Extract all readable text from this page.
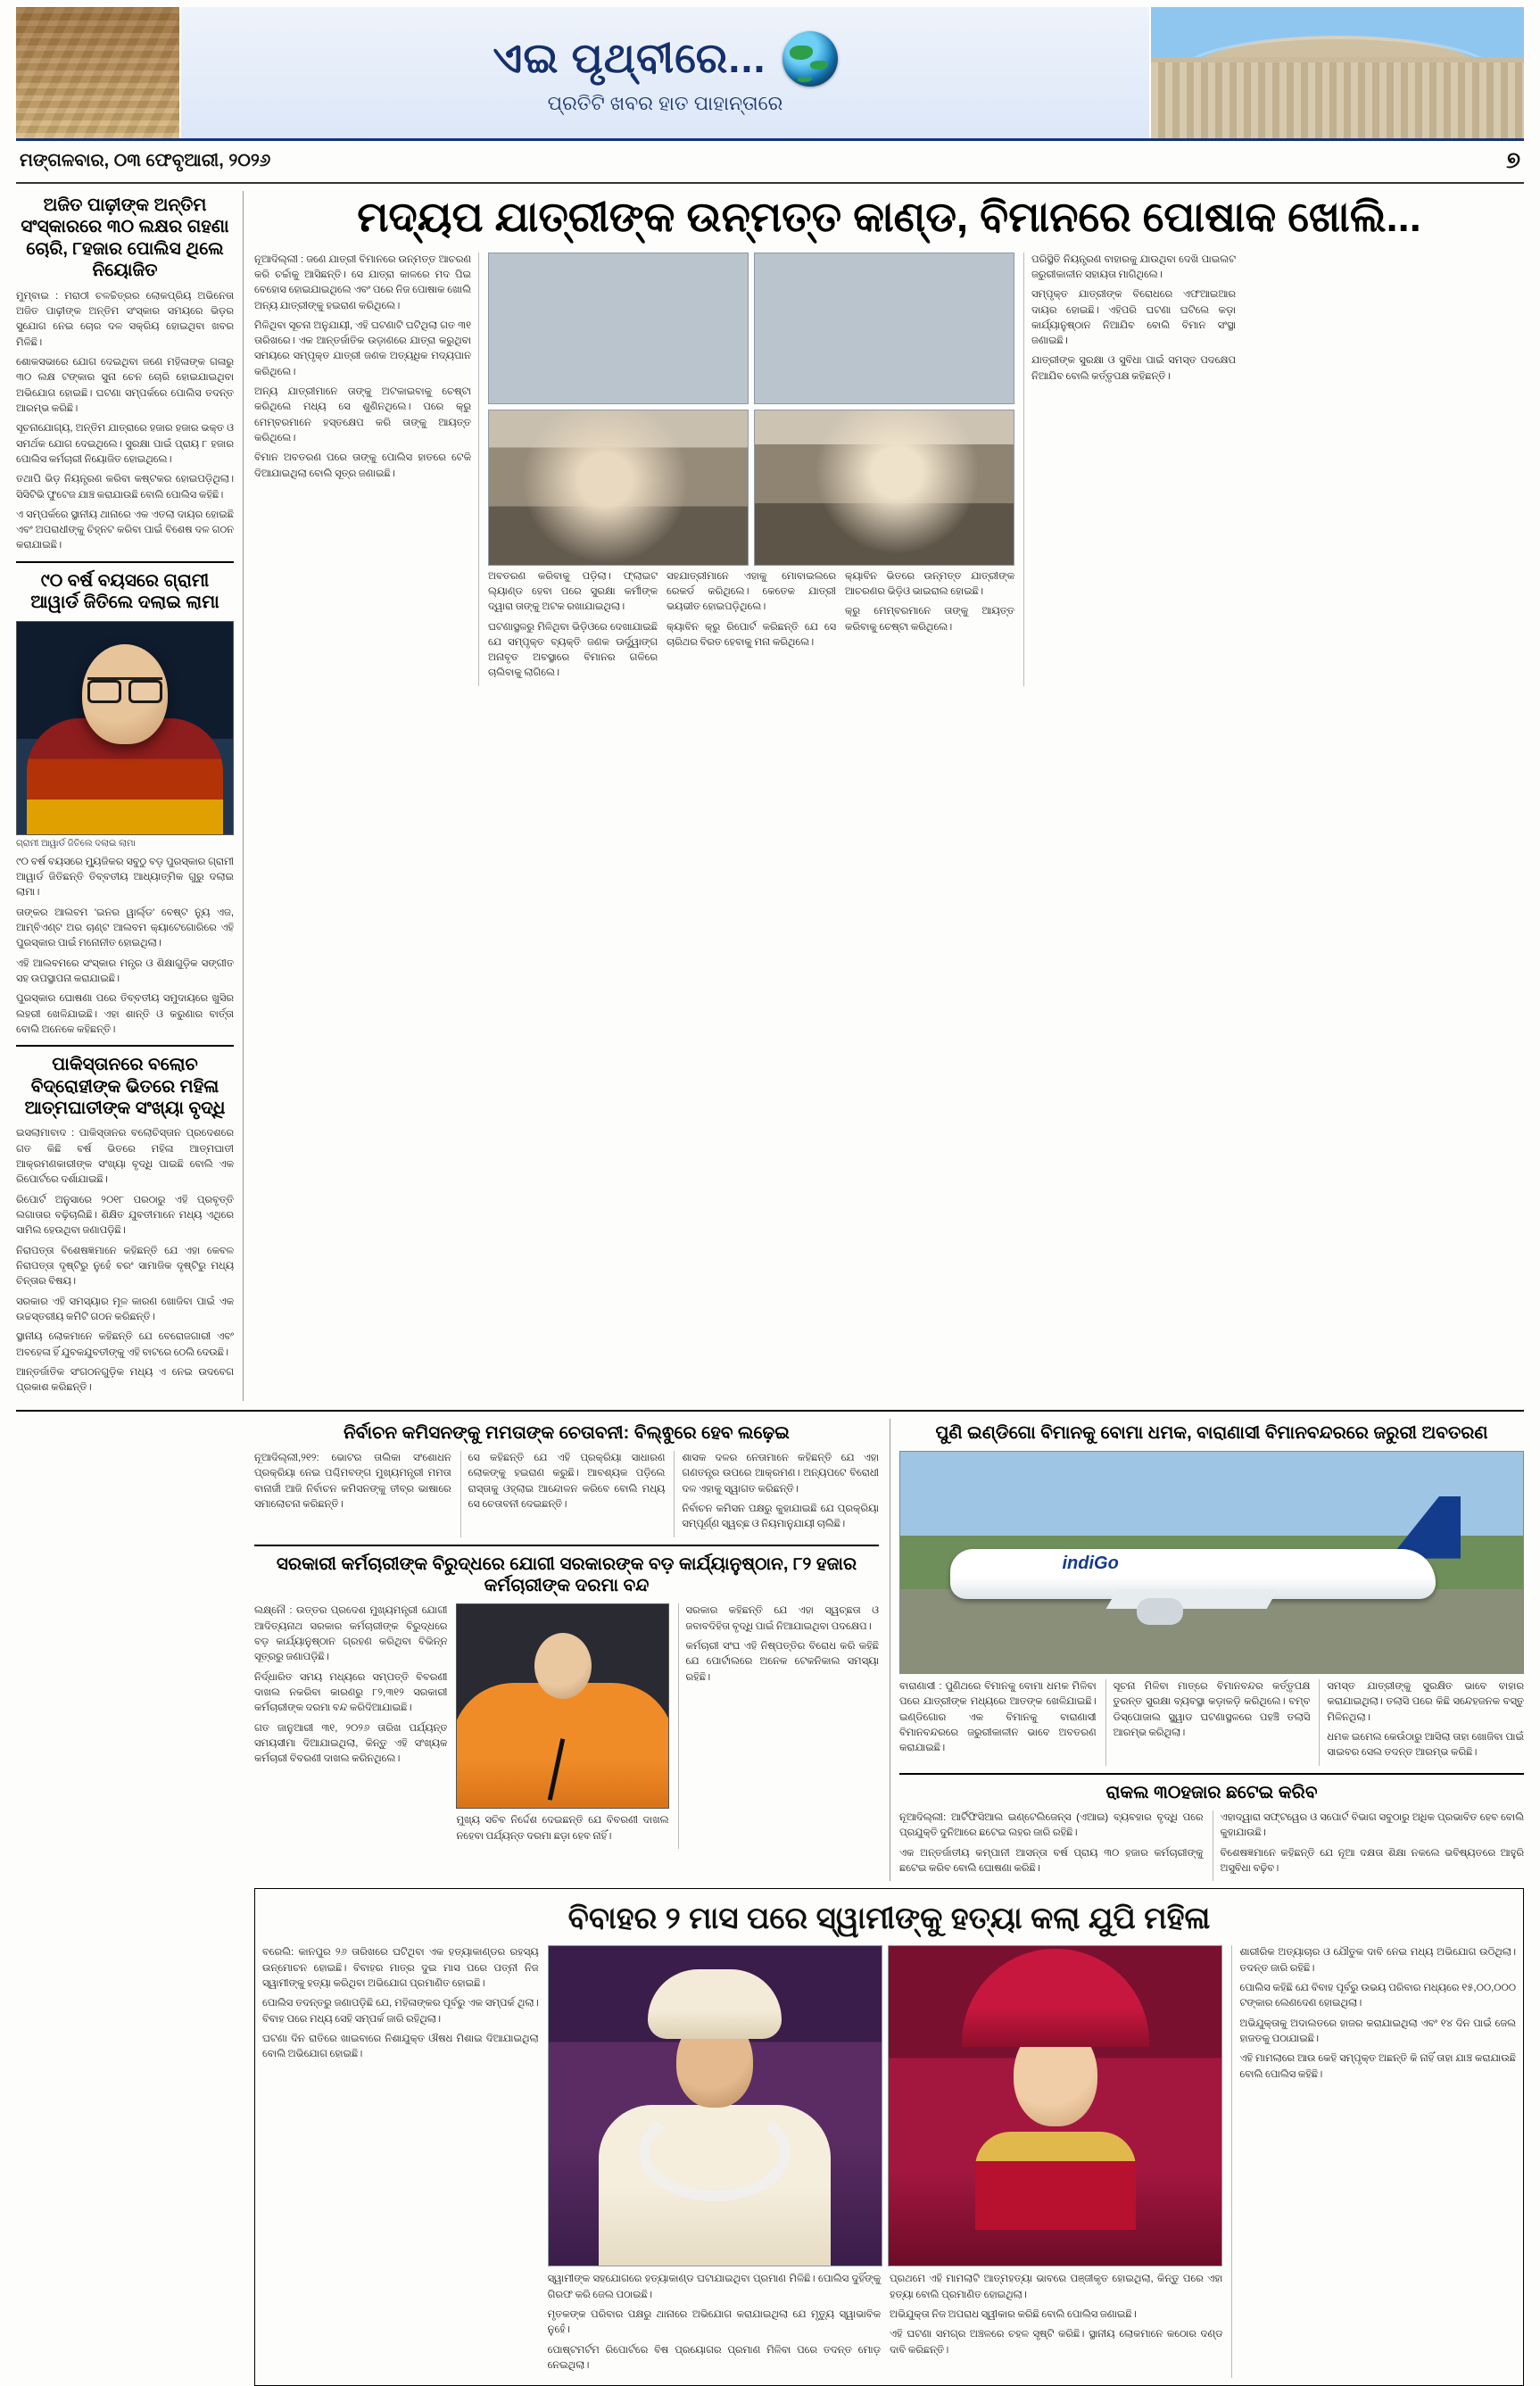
ଏଇ ପୃଥ୍‌ବୀରେ...
ପ୍ରତିଟି ଖବର ହାତ ପାହାନ୍ତାରେ
ମଙ୍ଗଳବାର, ୦୩ ଫେବୃଆରୀ, ୨୦୨୬	୭
ଅଜିତ ପାଢ଼ୀଙ୍କ ଅନ୍ତିମ ସଂସ୍କାରରେ ୩୦ ଲକ୍ଷର ଗହଣା ଚୋରି, ୮ହଜାର ପୋଲିସ ଥିଲେ ନିୟୋଜିତ

ମୁମ୍ବାଇ : ମରାଠୀ ଚଳଚ୍ଚିତ୍ରର ଲୋକପ୍ରିୟ ଅଭିନେତା ଅଜିତ ପାଢ଼ୀଙ୍କ ଅନ୍ତିମ ସଂସ୍କାର ସମୟରେ ଭିଡ଼ର ସୁଯୋଗ ନେଇ ଚୋର ଦଳ ସକ୍ରିୟ ହୋଇଥିବା ଖବର ମିଳିଛି।

ଶୋକସଭାରେ ଯୋଗ ଦେଇଥିବା ଜଣେ ମହିଳାଙ୍କ ଗଳାରୁ ୩୦ ଲକ୍ଷ ଟଙ୍କାର ସୁନା ଚେନ ଚୋରି ହୋଇଯାଇଥିବା ଅଭିଯୋଗ ହୋଇଛି। ଘଟଣା ସମ୍ପର୍କରେ ପୋଲିସ ତଦନ୍ତ ଆରମ୍ଭ କରିଛି।

ସୂଚନାଯୋଗ୍ୟ, ଅନ୍ତିମ ଯାତ୍ରାରେ ହଜାର ହଜାର ଭକ୍ତ ଓ ସମର୍ଥକ ଯୋଗ ଦେଇଥିଲେ। ସୁରକ୍ଷା ପାଇଁ ପ୍ରାୟ ୮ ହଜାର ପୋଲିସ କର୍ମଚାରୀ ନିୟୋଜିତ ହୋଇଥିଲେ।

ତଥାପି ଭିଡ଼ ନିୟନ୍ତ୍ରଣ କରିବା କଷ୍ଟକର ହୋଇପଡ଼ିଥିଲା। ସିସିଟିଭି ଫୁଟେଜ ଯାଞ୍ଚ କରାଯାଉଛି ବୋଲି ପୋଲିସ କହିଛି।

ଏ ସମ୍ପର୍କରେ ସ୍ଥାନୀୟ ଥାନାରେ ଏକ ଏତଲା ଦାୟର ହୋଇଛି ଏବଂ ଅପରାଧୀଙ୍କୁ ଚିହ୍ନଟ କରିବା ପାଇଁ ବିଶେଷ ଦଳ ଗଠନ କରାଯାଇଛି।

୯୦ ବର୍ଷ ବୟସରେ ଗ୍ରାମୀ ଆୱାର୍ଡ ଜିତିଲେ ଦଲାଇ ଲାମା
ଗ୍ରାମୀ ଆୱାର୍ଡ ଜିତିଲେ ଦଲାଇ ଲାମା

୯୦ ବର୍ଷ ବୟସରେ ମ୍ୟୁଜିକର ସବୁଠୁ ବଡ଼ ପୁରସ୍କାର ଗ୍ରାମୀ ଆୱାର୍ଡ ଜିତିଛନ୍ତି ତିବ୍ବତୀୟ ଆଧ୍ୟାତ୍ମିକ ଗୁରୁ ଦଲାଇ ଲାମା।

ତାଙ୍କର ଆଲବମ 'ଇନର ୱାର୍ଲ୍ଡ' ବେଷ୍ଟ ନ୍ୟୁ ଏଜ, ଆମ୍ବିଏଣ୍ଟ ଅର ଚାଣ୍ଟ ଆଲବମ କ୍ୟାଟେଗୋରିରେ ଏହି ପୁରସ୍କାର ପାଇଁ ମନୋନୀତ ହୋଇଥିଲା।

ଏହି ଆଲବମରେ ସଂସ୍କାର ମନ୍ତ୍ର ଓ ଶିକ୍ଷାଗୁଡ଼ିକ ସଙ୍ଗୀତ ସହ ଉପସ୍ଥାପନା କରାଯାଇଛି।

ପୁରସ୍କାର ଘୋଷଣା ପରେ ତିବ୍ବତୀୟ ସମୁଦାୟରେ ଖୁସିର ଲହରୀ ଖେଳିଯାଇଛି। ଏହା ଶାନ୍ତି ଓ କରୁଣାର ବାର୍ତ୍ତା ବୋଲି ଅନେକେ କହିଛନ୍ତି।

ପାକିସ୍ତାନରେ ବଲୋଚ ବିଦ୍ରୋହୀଙ୍କ ଭିତରେ ମହିଳା ଆତ୍ମଘାତୀଙ୍କ ସଂଖ୍ୟା ବୃଦ୍ଧି

ଇସଲାମାବାଦ : ପାକିସ୍ତାନର ବଲୋଚିସ୍ତାନ ପ୍ରଦେଶରେ ଗତ କିଛି ବର୍ଷ ଭିତରେ ମହିଳା ଆତ୍ମଘାତୀ ଆକ୍ରମଣକାରୀଙ୍କ ସଂଖ୍ୟା ବୃଦ୍ଧି ପାଇଛି ବୋଲି ଏକ ରିପୋର୍ଟରେ ଦର୍ଶାଯାଇଛି।

ରିପୋର୍ଟ ଅନୁସାରେ ୨୦୧୮ ପରଠାରୁ ଏହି ପ୍ରବୃତ୍ତି ଲଗାତାର ବଢ଼ିଚାଲିଛି। ଶିକ୍ଷିତ ଯୁବତୀମାନେ ମଧ୍ୟ ଏଥିରେ ସାମିଲ ହେଉଥିବା ଜଣାପଡ଼ିଛି।

ନିରାପତ୍ତା ବିଶେଷଜ୍ଞମାନେ କହିଛନ୍ତି ଯେ ଏହା କେବଳ ନିରାପତ୍ତା ଦୃଷ୍ଟିରୁ ନୁହେଁ ବରଂ ସାମାଜିକ ଦୃଷ୍ଟିରୁ ମଧ୍ୟ ଚିନ୍ତାର ବିଷୟ।

ସରକାର ଏହି ସମସ୍ୟାର ମୂଳ କାରଣ ଖୋଜିବା ପାଇଁ ଏକ ଉଚ୍ଚସ୍ତରୀୟ କମିଟି ଗଠନ କରିଛନ୍ତି।

ସ୍ଥାନୀୟ ଲୋକମାନେ କହିଛନ୍ତି ଯେ ବେରୋଜଗାରୀ ଏବଂ ଅବହେଳା ହିଁ ଯୁବକଯୁବତୀଙ୍କୁ ଏହି ବାଟରେ ଠେଲି ଦେଉଛି।

ଆନ୍ତର୍ଜାତିକ ସଂଗଠନଗୁଡ଼ିକ ମଧ୍ୟ ଏ ନେଇ ଉଦବେଗ ପ୍ରକାଶ କରିଛନ୍ତି।

ମଦ୍ୟପ ଯାତ୍ରୀଙ୍କ ଉନ୍ମତ୍ତ କାଣ୍ଡ, ବିମାନରେ ପୋଷାକ ଖୋଲି...

ନୂଆଦିଲ୍ଲୀ : ଜଣେ ଯାତ୍ରୀ ବିମାନରେ ଉନ୍ମତ୍ତ ଆଚରଣ କରି ଚର୍ଚ୍ଚାକୁ ଆସିଛନ୍ତି। ସେ ଯାତ୍ରା କାଳରେ ମଦ ପିଇ ବେହୋସ ହୋଇଯାଇଥିଲେ ଏବଂ ପରେ ନିଜ ପୋଷାକ ଖୋଲି ଅନ୍ୟ ଯାତ୍ରୀଙ୍କୁ ହଇରାଣ କରିଥିଲେ।

ମିଳିଥିବା ସୂଚନା ଅନୁଯାୟୀ, ଏହି ଘଟଣାଟି ଘଟିଥିଲା ଗତ ୩୧ ତାରିଖରେ। ଏକ ଆନ୍ତର୍ଜାତିକ ଉଡ଼ାଣରେ ଯାତ୍ରା କରୁଥିବା ସମୟରେ ସମ୍ପୃକ୍ତ ଯାତ୍ରୀ ଜଣକ ଅତ୍ୟଧିକ ମଦ୍ୟପାନ କରିଥିଲେ।

ଅନ୍ୟ ଯାତ୍ରୀମାନେ ତାଙ୍କୁ ଅଟକାଇବାକୁ ଚେଷ୍ଟା କରିଥିଲେ ମଧ୍ୟ ସେ ଶୁଣିନଥିଲେ। ପରେ କ୍ରୁ ମେମ୍ବରମାନେ ହସ୍ତକ୍ଷେପ କରି ତାଙ୍କୁ ଆୟତ୍ତ କରିଥିଲେ।

ବିମାନ ଅବତରଣ ପରେ ତାଙ୍କୁ ପୋଲିସ ହାତରେ ଟେକି ଦିଆଯାଇଥିଲା ବୋଲି ସୂତ୍ର ଜଣାଇଛି।

ଅବତରଣ କରିବାକୁ ପଡ଼ିଲା। ଫ୍ଲାଇଟ ଲ୍ୟାଣ୍ଡ ହେବା ପରେ ସୁରକ୍ଷା କର୍ମୀଙ୍କ ଦ୍ୱାରା ତାଙ୍କୁ ଅଟକ ରଖାଯାଇଥିଲା।

ଘଟଣାସ୍ଥଳରୁ ମିଳିଥିବା ଭିଡ଼ିଓରେ ଦେଖାଯାଇଛି ଯେ ସମ୍ପୃକ୍ତ ବ୍ୟକ୍ତି ଜଣକ ଊର୍ଦ୍ଧ୍ୱାଙ୍ଗ ଅନାବୃତ ଅବସ୍ଥାରେ ବିମାନର ଗଳିରେ ଚାଲିବାକୁ ଲାଗିଲେ।

ସହଯାତ୍ରୀମାନେ ଏହାକୁ ମୋବାଇଲରେ ରେକର୍ଡ କରିଥିଲେ। କେତେକ ଯାତ୍ରୀ ଭୟଭୀତ ହୋଇପଡ଼ିଥିଲେ।

କ୍ୟାବିନ କ୍ରୁ ରିପୋର୍ଟ କରିଛନ୍ତି ଯେ ସେ ଚାରିଥର ବିରତ ହେବାକୁ ମନା କରିଥିଲେ।

କ୍ୟାବିନ ଭିତରେ ଉନ୍ମତ୍ତ ଯାତ୍ରୀଙ୍କ ଆଚରଣର ଭିଡ଼ିଓ ଭାଇରାଲ ହୋଇଛି।

କ୍ରୁ ମେମ୍ବରମାନେ ତାଙ୍କୁ ଆୟତ୍ତ କରିବାକୁ ଚେଷ୍ଟା କରିଥିଲେ।

ପରିସ୍ଥିତି ନିୟନ୍ତ୍ରଣ ବାହାରକୁ ଯାଉଥିବା ଦେଖି ପାଇଲଟ ଜରୁରୀକାଳୀନ ସହାୟତା ମାଗିଥିଲେ।

ସମ୍ପୃକ୍ତ ଯାତ୍ରୀଙ୍କ ବିରୋଧରେ ଏଫଆଇଆର ଦାୟର ହୋଇଛି। ଏହିପରି ଘଟଣା ଘଟିଲେ କଡ଼ା କାର୍ଯ୍ୟାନୁଷ୍ଠାନ ନିଆଯିବ ବୋଲି ବିମାନ ସଂସ୍ଥା ଜଣାଇଛି।

ଯାତ୍ରୀଙ୍କ ସୁରକ୍ଷା ଓ ସୁବିଧା ପାଇଁ ସମସ୍ତ ପଦକ୍ଷେପ ନିଆଯିବ ବୋଲି କର୍ତ୍ତୃପକ୍ଷ କହିଛନ୍ତି।

ନିର୍ବାଚନ କମିସନଙ୍କୁ ମମତାଙ୍କ ଚେତାବନୀ: ବିଲ୍ଵୁରେ ହେବ ଲଢ଼େଇ

ନୂଆଦିଲ୍ଲୀ,୨୧୨: ଭୋଟର ତାଲିକା ସଂଶୋଧନ ପ୍ରକ୍ରିୟା ନେଇ ପଶ୍ଚିମବଙ୍ଗ ମୁଖ୍ୟମନ୍ତ୍ରୀ ମମତା ବାନାର୍ଜୀ ଆଜି ନିର୍ବାଚନ କମିସନଙ୍କୁ ତୀବ୍ର ଭାଷାରେ ସମାଲୋଚନା କରିଛନ୍ତି।

ସେ କହିଛନ୍ତି ଯେ ଏହି ପ୍ରକ୍ରିୟା ସାଧାରଣ ଲୋକଙ୍କୁ ହଇରାଣ କରୁଛି। ଆବଶ୍ୟକ ପଡ଼ିଲେ ରାସ୍ତାକୁ ଓହ୍ଲାଇ ଆନ୍ଦୋଳନ କରିବେ ବୋଲି ମଧ୍ୟ ସେ ଚେତାବନୀ ଦେଇଛନ୍ତି।

ଶାସକ ଦଳର ନେତାମାନେ କହିଛନ୍ତି ଯେ ଏହା ଗଣତନ୍ତ୍ର ଉପରେ ଆକ୍ରମଣ। ଅନ୍ୟପଟେ ବିରୋଧୀ ଦଳ ଏହାକୁ ସ୍ୱାଗତ କରିଛନ୍ତି।

ନିର୍ବାଚନ କମିସନ ପକ୍ଷରୁ କୁହାଯାଇଛି ଯେ ପ୍ରକ୍ରିୟା ସମ୍ପୂର୍ଣ୍ଣ ସ୍ୱଚ୍ଛ ଓ ନିୟମାନୁଯାୟୀ ଚାଲିଛି।

ସରକାରୀ କର୍ମଚାରୀଙ୍କ ବିରୁଦ୍ଧରେ ଯୋଗୀ ସରକାରଙ୍କ ବଡ଼ କାର୍ଯ୍ୟାନୁଷ୍ଠାନ, ୮୨ ହଜାର କର୍ମଚାରୀଙ୍କ ଦରମା ବନ୍ଦ

ଲକ୍ଷ୍ନୌ : ଉତ୍ତର ପ୍ରଦେଶ ମୁଖ୍ୟମନ୍ତ୍ରୀ ଯୋଗୀ ଆଦିତ୍ୟନାଥ ସରକାର କର୍ମଚାରୀଙ୍କ ବିରୁଦ୍ଧରେ ବଡ଼ କାର୍ଯ୍ୟାନୁଷ୍ଠାନ ଗ୍ରହଣ କରିଥିବା ବିଭିନ୍ନ ସୂତ୍ରରୁ ଜଣାପଡ଼ିଛି।

ନିର୍ଦ୍ଧାରିତ ସମୟ ମଧ୍ୟରେ ସମ୍ପତ୍ତି ବିବରଣୀ ଦାଖଲ ନକରିବା କାରଣରୁ ୮୨,୩୧୨ ସରକାରୀ କର୍ମଚାରୀଙ୍କ ଦରମା ବନ୍ଦ କରିଦିଆଯାଇଛି।

ଗତ ଜାନୁଆରୀ ୩୧, ୨୦୨୬ ତାରିଖ ପର୍ଯ୍ୟନ୍ତ ସମୟସୀମା ଦିଆଯାଇଥିଲା, କିନ୍ତୁ ଏହି ସଂଖ୍ୟକ କର୍ମଚାରୀ ବିବରଣୀ ଦାଖଲ କରିନଥିଲେ।

ମୁଖ୍ୟ ସଚିବ ନିର୍ଦ୍ଦେଶ ଦେଇଛନ୍ତି ଯେ ବିବରଣୀ ଦାଖଲ ନହେବା ପର୍ଯ୍ୟନ୍ତ ଦରମା ଛଡ଼ା ହେବ ନାହିଁ।

ସରକାର କହିଛନ୍ତି ଯେ ଏହା ସ୍ୱଚ୍ଛତା ଓ ଜବାବଦିହିତା ବୃଦ୍ଧି ପାଇଁ ନିଆଯାଇଥିବା ପଦକ୍ଷେପ।

କର୍ମଚାରୀ ସଂଘ ଏହି ନିଷ୍ପତ୍ତିର ବିରୋଧ କରି କହିଛି ଯେ ପୋର୍ଟାଲରେ ଅନେକ ଟେକନିକାଲ ସମସ୍ୟା ରହିଛି।

ପୁଣି ଇଣ୍ଡିଗୋ ବିମାନକୁ ବୋମା ଧମକ, ବାରାଣାସୀ ବିମାନବନ୍ଦରରେ ଜରୁରୀ ଅବତରଣ
indiGo

ବାରାଣାସୀ : ପୁଣିଥରେ ବିମାନକୁ ବୋମା ଧମକ ମିଳିବା ପରେ ଯାତ୍ରୀଙ୍କ ମଧ୍ୟରେ ଆତଙ୍କ ଖେଳିଯାଇଛି। ଇଣ୍ଡିଗୋର ଏକ ବିମାନକୁ ବାରାଣାସୀ ବିମାନବନ୍ଦରରେ ଜରୁରୀକାଳୀନ ଭାବେ ଅବତରଣ କରାଯାଇଛି।

ସୂଚନା ମିଳିବା ମାତ୍ରେ ବିମାନବନ୍ଦର କର୍ତ୍ତୃପକ୍ଷ ତୁରନ୍ତ ସୁରକ୍ଷା ବ୍ୟବସ୍ଥା କଡ଼ାକଡ଼ି କରିଥିଲେ। ବମ୍ବ ଡିସ୍ପୋଜାଲ ସ୍କ୍ୱାଡ ଘଟଣାସ୍ଥଳରେ ପହଞ୍ଚି ତଲାସି ଆରମ୍ଭ କରିଥିଲା।

ସମସ୍ତ ଯାତ୍ରୀଙ୍କୁ ସୁରକ୍ଷିତ ଭାବେ ବାହାର କରାଯାଇଥିଲା। ତଲାସି ପରେ କିଛି ସନ୍ଦେହଜନକ ବସ୍ତୁ ମିଳିନଥିଲା।

ଧମକ ଇମେଲ କେଉଁଠାରୁ ଆସିଲା ତାହା ଖୋଜିବା ପାଇଁ ସାଇବର ସେଲ ତଦନ୍ତ ଆରମ୍ଭ କରିଛି।

ରାକଲ ୩୦ହଜାର ଛଟେଇ କରିବ

ନୂଆଦିଲ୍ଲୀ: ଆର୍ଟିଫିସିଆଲ ଇଣ୍ଟେଲିଜେନ୍ସ (ଏଆଇ) ବ୍ୟବହାର ବୃଦ୍ଧି ପରେ ପ୍ରଯୁକ୍ତି ଦୁନିଆରେ ଛଟେଇ ଲହର ଜାରି ରହିଛି।

ଏକ ଅନ୍ତର୍ଜାତୀୟ କମ୍ପାନୀ ଆସନ୍ତା ବର୍ଷ ପ୍ରାୟ ୩୦ ହଜାର କର୍ମଚାରୀଙ୍କୁ ଛଟେଇ କରିବ ବୋଲି ଘୋଷଣା କରିଛି।

ଏହାଦ୍ୱାରା ସଫ୍ଟୱେର ଓ ସପୋର୍ଟ ବିଭାଗ ସବୁଠାରୁ ଅଧିକ ପ୍ରଭାବିତ ହେବ ବୋଲି କୁହାଯାଉଛି।

ବିଶେଷଜ୍ଞମାନେ କହିଛନ୍ତି ଯେ ନୂଆ ଦକ୍ଷତା ଶିକ୍ଷା ନକଲେ ଭବିଷ୍ୟତରେ ଆହୁରି ଅସୁବିଧା ବଢ଼ିବ।

ବିବାହର ୨ ମାସ ପରେ ସ୍ୱାମୀଙ୍କୁ ହତ୍ୟା କଲା ଯୁପି ମହିଳା

ବରେଲି: କାନପୁର ୨୬ ତାରିଖରେ ଘଟିଥିବା ଏକ ହତ୍ୟାକାଣ୍ଡର ରହସ୍ୟ ଉନ୍ମୋଚନ ହୋଇଛି। ବିବାହର ମାତ୍ର ଦୁଇ ମାସ ପରେ ପତ୍ନୀ ନିଜ ସ୍ୱାମୀଙ୍କୁ ହତ୍ୟା କରିଥିବା ଅଭିଯୋଗ ପ୍ରମାଣିତ ହୋଇଛି।

ପୋଲିସ ତଦନ୍ତରୁ ଜଣାପଡ଼ିଛି ଯେ, ମହିଳାଙ୍କର ପୂର୍ବରୁ ଏକ ସମ୍ପର୍କ ଥିଲା। ବିବାହ ପରେ ମଧ୍ୟ ସେହି ସମ୍ପର୍କ ଜାରି ରହିଥିଲା।

ଘଟଣା ଦିନ ରାତିରେ ଖାଇବାରେ ନିଶାଯୁକ୍ତ ଔଷଧ ମିଶାଇ ଦିଆଯାଇଥିଲା ବୋଲି ଅଭିଯୋଗ ହୋଇଛି।

ସ୍ୱାମୀଙ୍କ ସହଯୋଗରେ ହତ୍ୟାକାଣ୍ଡ ଘଟାଯାଇଥିବା ପ୍ରମାଣ ମିଳିଛି। ପୋଲିସ ଦୁହିଁଙ୍କୁ ଗିରଫ କରି ଜେଲ ପଠାଇଛି।

ମୃତକଙ୍କ ପରିବାର ପକ୍ଷରୁ ଥାନାରେ ଅଭିଯୋଗ କରାଯାଇଥିଲା ଯେ ମୃତ୍ୟୁ ସ୍ୱାଭାବିକ ନୁହେଁ।

ପୋଷ୍ଟମର୍ଟମ ରିପୋର୍ଟରେ ବିଷ ପ୍ରୟୋଗର ପ୍ରମାଣ ମିଳିବା ପରେ ତଦନ୍ତ ମୋଡ଼ ନେଇଥିଲା।

ପ୍ରଥମେ ଏହି ମାମଲାଟି ଆତ୍ମହତ୍ୟା ଭାବରେ ପଞ୍ଜୀକୃତ ହୋଇଥିଲା, କିନ୍ତୁ ପରେ ଏହା ହତ୍ୟା ବୋଲି ପ୍ରମାଣିତ ହୋଇଥିଲା।

ଅଭିଯୁକ୍ତା ନିଜ ଅପରାଧ ସ୍ୱୀକାର କରିଛି ବୋଲି ପୋଲିସ ଜଣାଇଛି।

ଏହି ଘଟଣା ସମଗ୍ର ଅଞ୍ଚଳରେ ଚହଳ ସୃଷ୍ଟି କରିଛି। ସ୍ଥାନୀୟ ଲୋକମାନେ କଠୋର ଦଣ୍ଡ ଦାବି କରିଛନ୍ତି।

ଶାରୀରିକ ଅତ୍ୟାଚାର ଓ ଯୌତୁକ ଦାବି ନେଇ ମଧ୍ୟ ଅଭିଯୋଗ ଉଠିଥିଲା। ତଦନ୍ତ ଜାରି ରହିଛି।

ପୋଲିସ କହିଛି ଯେ ବିବାହ ପୂର୍ବରୁ ଉଭୟ ପରିବାର ମଧ୍ୟରେ ୧୫,୦୦,୦୦୦ ଟଙ୍କାର ଲେଣଦେଣ ହୋଇଥିଲା।

ଅଭିଯୁକ୍ତାକୁ ଅଦାଲତରେ ହାଜର କରାଯାଇଥିଲା ଏବଂ ୧୪ ଦିନ ପାଇଁ ଜେଲ ହାଜତକୁ ପଠାଯାଇଛି।

ଏହି ମାମଲାରେ ଆଉ କେହି ସମ୍ପୃକ୍ତ ଅଛନ୍ତି କି ନାହିଁ ତାହା ଯାଞ୍ଚ କରାଯାଉଛି ବୋଲି ପୋଲିସ କହିଛି।
